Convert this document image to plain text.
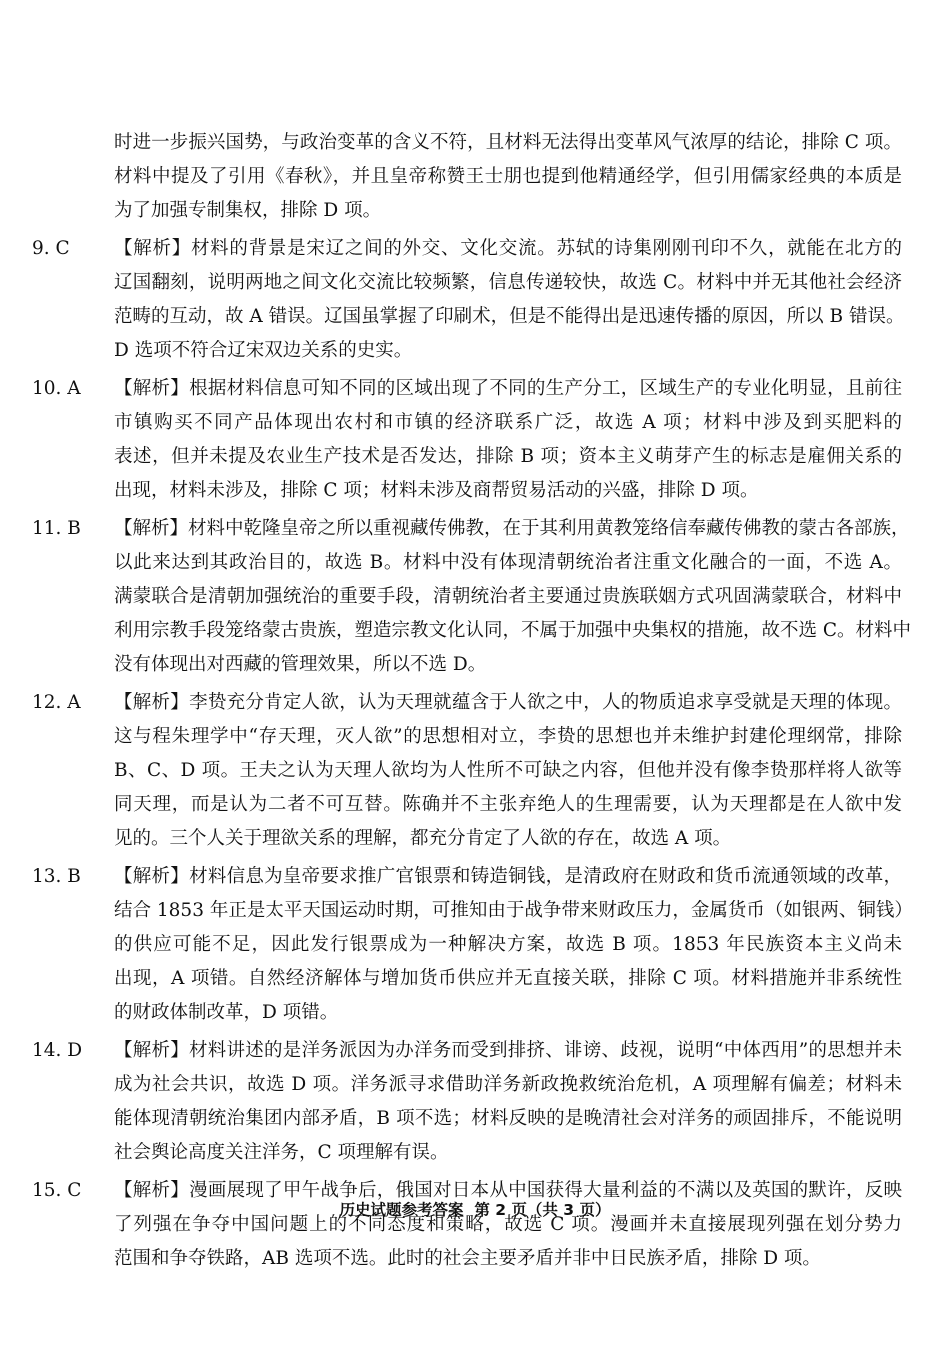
时进一步振兴国势，与政治变革的含义不符，且材料无法得出变革风气浓厚的结论，排除 C 项。
材料中提及了引用《春秋》，并且皇帝称赞王士朋也提到他精通经学，但引用儒家经典的本质是
为了加强专制集权，排除 D 项。
9. C	【解析】材料的背景是宋辽之间的外交、文化交流。苏轼的诗集刚刚刊印不久，就能在北方的
辽国翻刻，说明两地之间文化交流比较频繁，信息传递较快，故选 C。材料中并无其他社会经济
范畴的互动，故 A 错误。辽国虽掌握了印刷术，但是不能得出是迅速传播的原因，所以 B 错误。
D 选项不符合辽宋双边关系的史实。
10. A	【解析】根据材料信息可知不同的区域出现了不同的生产分工，区域生产的专业化明显，且前往
市镇购买不同产品体现出农村和市镇的经济联系广泛，故选 A 项；材料中涉及到买肥料的
表述，但并未提及农业生产技术是否发达，排除 B 项；资本主义萌芽产生的标志是雇佣关系的
出现，材料未涉及，排除 C 项；材料未涉及商帮贸易活动的兴盛，排除 D 项。
11. B	【解析】材料中乾隆皇帝之所以重视藏传佛教，在于其利用黄教笼络信奉藏传佛教的蒙古各部族，
以此来达到其政治目的，故选 B。材料中没有体现清朝统治者注重文化融合的一面，不选 A。
满蒙联合是清朝加强统治的重要手段，清朝统治者主要通过贵族联姻方式巩固满蒙联合，材料中
利用宗教手段笼络蒙古贵族，塑造宗教文化认同，不属于加强中央集权的措施，故不选 C。材料中
没有体现出对西藏的管理效果，所以不选 D。
12. A	【解析】李贽充分肯定人欲，认为天理就蕴含于人欲之中，人的物质追求享受就是天理的体现。
这与程朱理学中“存天理，灭人欲”的思想相对立，李贽的思想也并未维护封建伦理纲常，排除
B、C、D 项。王夫之认为天理人欲均为人性所不可缺之内容，但他并没有像李贽那样将人欲等
同天理，而是认为二者不可互替。陈确并不主张弃绝人的生理需要，认为天理都是在人欲中发
见的。三个人关于理欲关系的理解，都充分肯定了人欲的存在，故选 A 项。
13. B	【解析】材料信息为皇帝要求推广官银票和铸造铜钱，是清政府在财政和货币流通领域的改革，
结合 1853 年正是太平天国运动时期，可推知由于战争带来财政压力，金属货币（如银两、铜钱）
的供应可能不足，因此发行银票成为一种解决方案，故选 B 项。1853 年民族资本主义尚未
出现，A 项错。自然经济解体与增加货币供应并无直接关联，排除 C 项。材料措施并非系统性
的财政体制改革，D 项错。
14. D	【解析】材料讲述的是洋务派因为办洋务而受到排挤、诽谤、歧视，说明“中体西用”的思想并未
成为社会共识，故选 D 项。洋务派寻求借助洋务新政挽救统治危机，A 项理解有偏差；材料未
能体现清朝统治集团内部矛盾，B 项不选；材料反映的是晚清社会对洋务的顽固排斥，不能说明
社会舆论高度关注洋务，C 项理解有误。
15. C	【解析】漫画展现了甲午战争后，俄国对日本从中国获得大量利益的不满以及英国的默许，反映
了列强在争夺中国问题上的不同态度和策略，故选 C 项。漫画并未直接展现列强在划分势力
范围和争夺铁路，AB 选项不选。此时的社会主要矛盾并非中日民族矛盾，排除 D 项。
历史试题参考答案 第 2 页（共 3 页）
